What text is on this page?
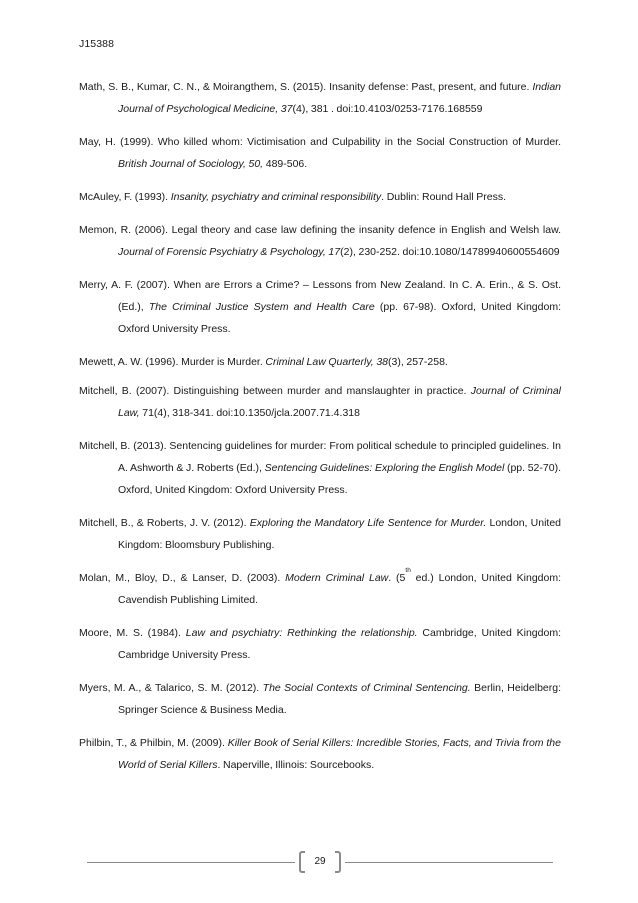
J15388

Math, S. B., Kumar, C. N., & Moirangthem, S. (2015). Insanity defense: Past, present, and future. Indian Journal of Psychological Medicine, 37(4), 381 . doi:10.4103/0253-7176.168559

May, H. (1999). Who killed whom: Victimisation and Culpability in the Social Construction of Murder. British Journal of Sociology, 50, 489-506.

McAuley, F. (1993). Insanity, psychiatry and criminal responsibility. Dublin: Round Hall Press.

Memon, R. (2006). Legal theory and case law defining the insanity defence in English and Welsh law. Journal of Forensic Psychiatry & Psychology, 17(2), 230-252. doi:10.1080/14789940600554609

Merry, A. F. (2007). When are Errors a Crime? – Lessons from New Zealand. In C. A. Erin., & S. Ost. (Ed.), The Criminal Justice System and Health Care (pp. 67-98). Oxford, United Kingdom: Oxford University Press.

Mewett, A. W. (1996). Murder is Murder. Criminal Law Quarterly, 38(3), 257-258.

Mitchell, B. (2007). Distinguishing between murder and manslaughter in practice. Journal of Criminal Law, 71(4), 318-341. doi:10.1350/jcla.2007.71.4.318

Mitchell, B. (2013). Sentencing guidelines for murder: From political schedule to principled guidelines. In A. Ashworth & J. Roberts (Ed.), Sentencing Guidelines: Exploring the English Model (pp. 52-70). Oxford, United Kingdom: Oxford University Press.

Mitchell, B., & Roberts, J. V. (2012). Exploring the Mandatory Life Sentence for Murder. London, United Kingdom: Bloomsbury Publishing.

Molan, M., Bloy, D., & Lanser, D. (2003). Modern Criminal Law. (5th ed.) London, United Kingdom: Cavendish Publishing Limited.

Moore, M. S. (1984). Law and psychiatry: Rethinking the relationship. Cambridge, United Kingdom: Cambridge University Press.

Myers, M. A., & Talarico, S. M. (2012). The Social Contexts of Criminal Sentencing. Berlin, Heidelberg: Springer Science & Business Media.

Philbin, T., & Philbin, M. (2009). Killer Book of Serial Killers: Incredible Stories, Facts, and Trivia from the World of Serial Killers. Naperville, Illinois: Sourcebooks.

29
